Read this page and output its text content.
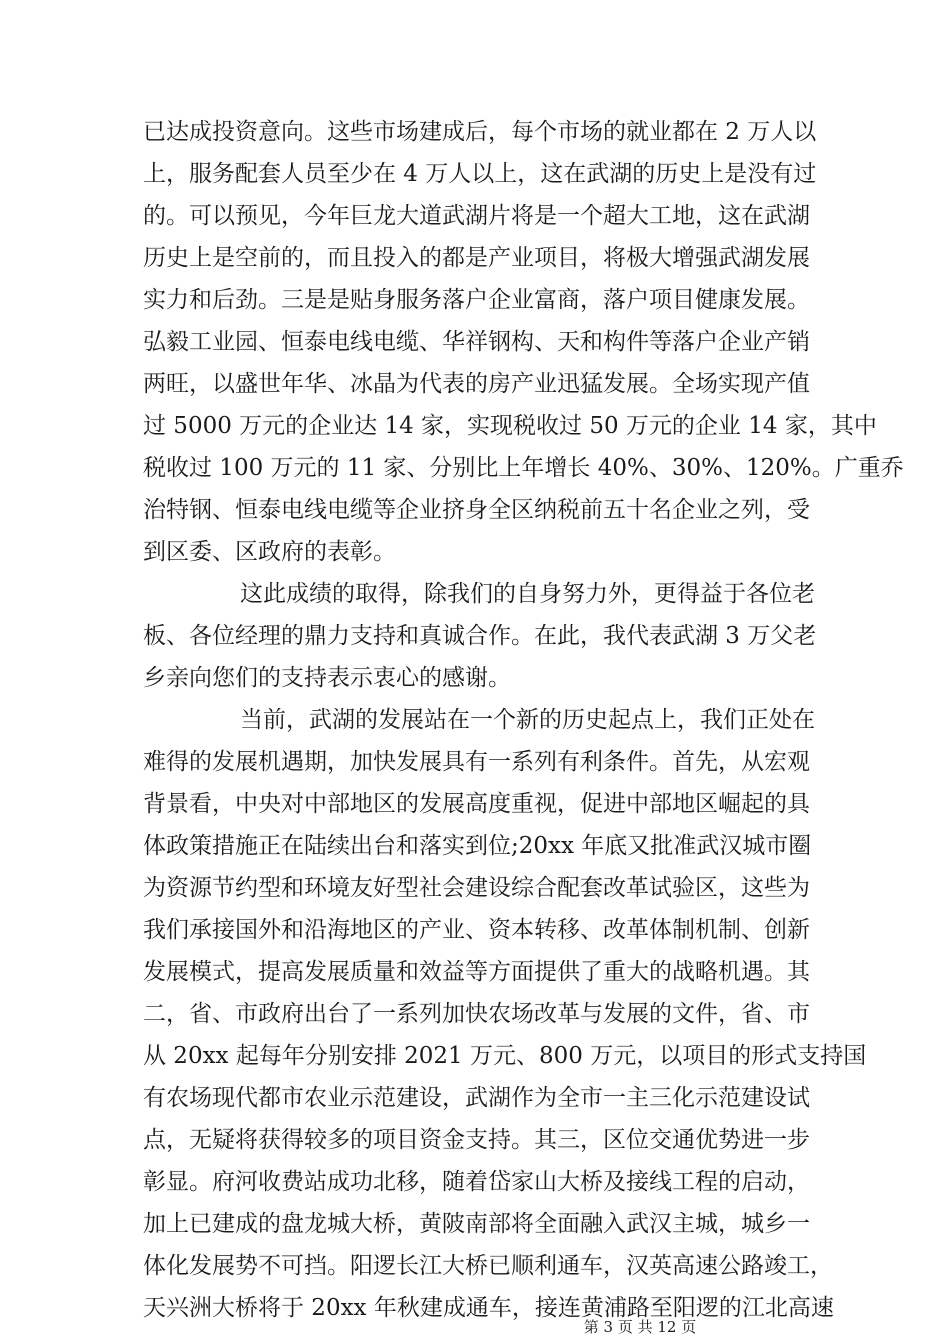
已达成投资意向。这些市场建成后，每个市场的就业都在 2 万人以
上，服务配套人员至少在 4 万人以上，这在武湖的历史上是没有过
的。可以预见，今年巨龙大道武湖片将是一个超大工地，这在武湖
历史上是空前的，而且投入的都是产业项目，将极大增强武湖发展
实力和后劲。三是是贴身服务落户企业富商，落户项目健康发展。
弘毅工业园、恒泰电线电缆、华祥钢构、天和构件等落户企业产销
两旺，以盛世年华、冰晶为代表的房产业迅猛发展。全场实现产值
过 5000 万元的企业达 14 家，实现税收过 50 万元的企业 14 家，其中
税收过 100 万元的 11 家、分别比上年增长 40%、30%、120%。广重乔
治特钢、恒泰电线电缆等企业挤身全区纳税前五十名企业之列，受
到区委、区政府的表彰。
这此成绩的取得，除我们的自身努力外，更得益于各位老
板、各位经理的鼎力支持和真诚合作。在此，我代表武湖 3 万父老
乡亲向您们的支持表示衷心的感谢。
当前，武湖的发展站在一个新的历史起点上，我们正处在
难得的发展机遇期，加快发展具有一系列有利条件。首先，从宏观
背景看，中央对中部地区的发展高度重视，促进中部地区崛起的具
体政策措施正在陆续出台和落实到位;20xx 年底又批准武汉城市圈
为资源节约型和环境友好型社会建设综合配套改革试验区，这些为
我们承接国外和沿海地区的产业、资本转移、改革体制机制、创新
发展模式，提高发展质量和效益等方面提供了重大的战略机遇。其
二，省、市政府出台了一系列加快农场改革与发展的文件，省、市
从 20xx 起每年分别安排 2021 万元、800 万元，以项目的形式支持国
有农场现代都市农业示范建设，武湖作为全市一主三化示范建设试
点，无疑将获得较多的项目资金支持。其三，区位交通优势进一步
彰显。府河收费站成功北移，随着岱家山大桥及接线工程的启动，
加上已建成的盘龙城大桥，黄陂南部将全面融入武汉主城，城乡一
体化发展势不可挡。阳逻长江大桥已顺利通车，汉英高速公路竣工，
天兴洲大桥将于 20xx 年秋建成通车，接连黄浦路至阳逻的江北高速
第 3 页 共 12 页
